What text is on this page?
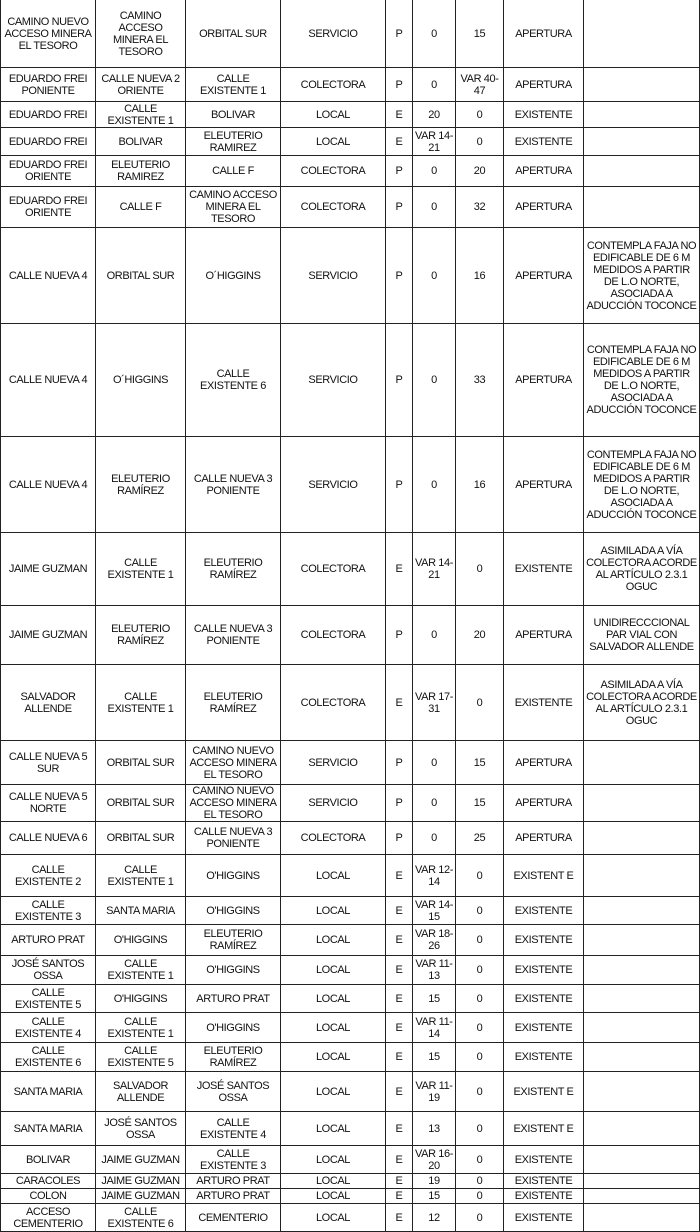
CAMINO NUEVO ACCESO MINERA EL TESORO	CAMINO ACCESO MINERA EL TESORO	ORBITAL SUR	SERVICIO	P	0	15	APERTURA	
EDUARDO FREI PONIENTE	CALLE NUEVA 2 ORIENTE	CALLE EXISTENTE 1	COLECTORA	P	0	VAR 40-47	APERTURA	
EDUARDO FREI	CALLE EXISTENTE 1	BOLIVAR	LOCAL	E	20	0	EXISTENTE	
EDUARDO FREI	BOLIVAR	ELEUTERIO RAMIREZ	LOCAL	E	VAR 14-21	0	EXISTENTE	
EDUARDO FREI ORIENTE	ELEUTERIO RAMIREZ	CALLE F	COLECTORA	P	0	20	APERTURA	
EDUARDO FREI ORIENTE	CALLE F	CAMINO ACCESO MINERA EL TESORO	COLECTORA	P	0	32	APERTURA	
CALLE NUEVA 4	ORBITAL SUR	O´HIGGINS	SERVICIO	P	0	16	APERTURA	CONTEMPLA FAJA NO EDIFICABLE DE 6 M MEDIDOS A PARTIR DE L.O NORTE, ASOCIADA A ADUCCIÓN TOCONCE
CALLE NUEVA 4	O´HIGGINS	CALLE EXISTENTE 6	SERVICIO	P	0	33	APERTURA	CONTEMPLA FAJA NO EDIFICABLE DE 6 M MEDIDOS A PARTIR DE L.O NORTE, ASOCIADA A ADUCCIÓN TOCONCE
CALLE NUEVA 4	ELEUTERIO RAMÍREZ	CALLE NUEVA 3 PONIENTE	SERVICIO	P	0	16	APERTURA	CONTEMPLA FAJA NO EDIFICABLE DE 6 M MEDIDOS A PARTIR DE L.O NORTE, ASOCIADA A ADUCCIÓN TOCONCE
JAIME GUZMAN	CALLE EXISTENTE 1	ELEUTERIO RAMÍREZ	COLECTORA	E	VAR 14-21	0	EXISTENTE	ASIMILADA A VÍA COLECTORA ACORDE AL ARTÍCULO 2.3.1 OGUC
JAIME GUZMAN	ELEUTERIO RAMÍREZ	CALLE NUEVA 3 PONIENTE	COLECTORA	P	0	20	APERTURA	UNIDIRECCCIONAL PAR VIAL CON SALVADOR ALLENDE
SALVADOR ALLENDE	CALLE EXISTENTE 1	ELEUTERIO RAMÍREZ	COLECTORA	E	VAR 17-31	0	EXISTENTE	ASIMILADA A VÍA COLECTORA ACORDE AL ARTÍCULO 2.3.1 OGUC
CALLE NUEVA 5 SUR	ORBITAL SUR	CAMINO NUEVO ACCESO MINERA EL TESORO	SERVICIO	P	0	15	APERTURA	
CALLE NUEVA 5 NORTE	ORBITAL SUR	CAMINO NUEVO ACCESO MINERA EL TESORO	SERVICIO	P	0	15	APERTURA	
CALLE NUEVA 6	ORBITAL SUR	CALLE NUEVA 3 PONIENTE	COLECTORA	P	0	25	APERTURA	
CALLE EXISTENTE 2	CALLE EXISTENTE 1	O'HIGGINS	LOCAL	E	VAR 12-14	0	EXISTENT E	
CALLE EXISTENTE 3	SANTA MARIA	O'HIGGINS	LOCAL	E	VAR 14-15	0	EXISTENTE	
ARTURO PRAT	O'HIGGINS	ELEUTERIO RAMÍREZ	LOCAL	E	VAR 18-26	0	EXISTENTE	
JOSÉ SANTOS OSSA	CALLE EXISTENTE 1	O'HIGGINS	LOCAL	E	VAR 11-13	0	EXISTENTE	
CALLE EXISTENTE 5	O'HIGGINS	ARTURO PRAT	LOCAL	E	15	0	EXISTENTE	
CALLE EXISTENTE 4	CALLE EXISTENTE 1	O'HIGGINS	LOCAL	E	VAR 11-14	0	EXISTENTE	
CALLE EXISTENTE 6	CALLE EXISTENTE 5	ELEUTERIO RAMÍREZ	LOCAL	E	15	0	EXISTENTE	
SANTA MARIA	SALVADOR ALLENDE	JOSÉ SANTOS OSSA	LOCAL	E	VAR 11-19	0	EXISTENT E	
SANTA MARIA	JOSÉ SANTOS OSSA	CALLE EXISTENTE 4	LOCAL	E	13	0	EXISTENT E	
BOLIVAR	JAIME GUZMAN	CALLE EXISTENTE 3	LOCAL	E	VAR 16-20	0	EXISTENTE	
CARACOLES	JAIME GUZMAN	ARTURO PRAT	LOCAL	E	19	0	EXISTENTE	
COLON	JAIME GUZMAN	ARTURO PRAT	LOCAL	E	15	0	EXISTENTE	
ACCESO CEMENTERIO	CALLE EXISTENTE 6	CEMENTERIO	LOCAL	E	12	0	EXISTENTE	
